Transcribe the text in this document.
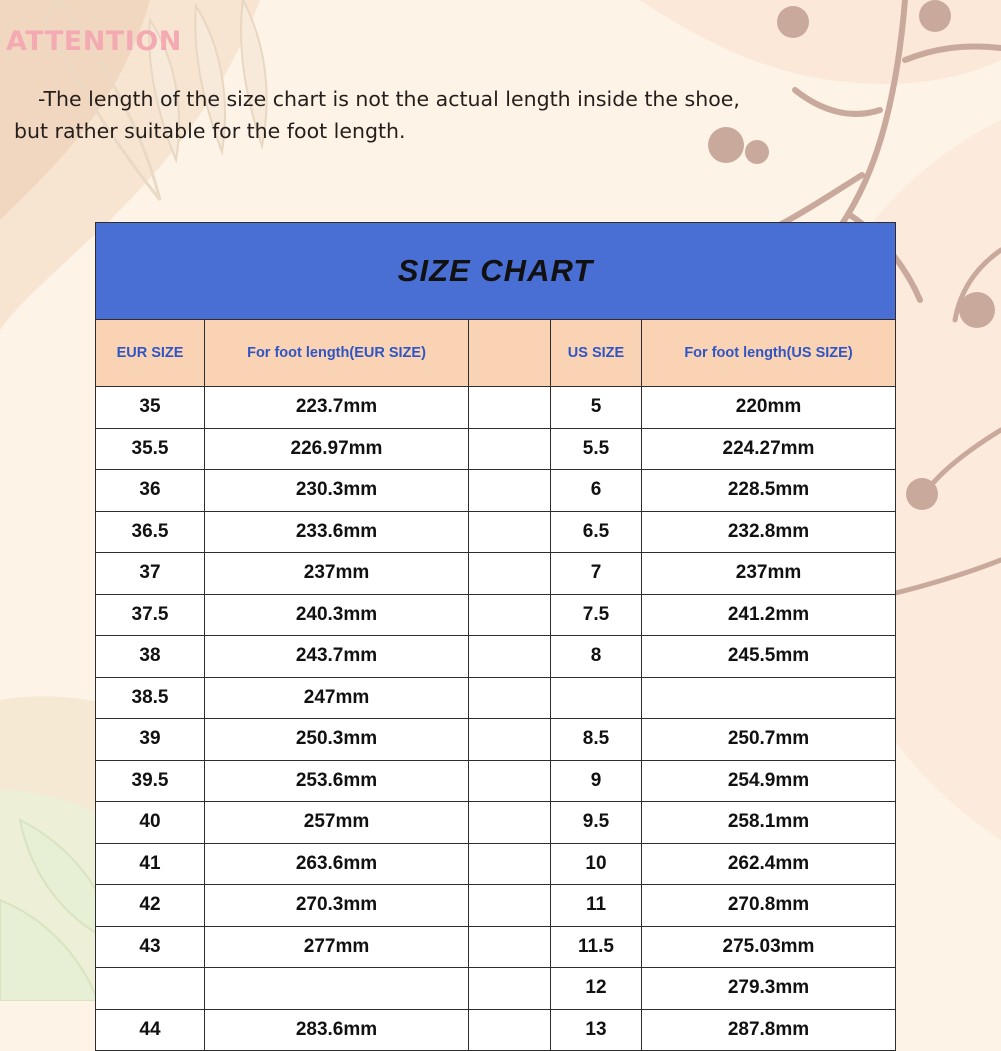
ATTENTION
-The length of the size chart is not the actual length inside the shoe,
but rather suitable for the foot length.
SIZE CHART				
EUR SIZE	For foot length(EUR SIZE)		US SIZE	For foot length(US SIZE)
35	223.7mm		5	220mm
35.5	226.97mm		5.5	224.27mm
36	230.3mm		6	228.5mm
36.5	233.6mm		6.5	232.8mm
37	237mm		7	237mm
37.5	240.3mm		7.5	241.2mm
38	243.7mm		8	245.5mm
38.5	247mm			
39	250.3mm		8.5	250.7mm
39.5	253.6mm		9	254.9mm
40	257mm		9.5	258.1mm
41	263.6mm		10	262.4mm
42	270.3mm		11	270.8mm
43	277mm		11.5	275.03mm
			12	279.3mm
44	283.6mm		13	287.8mm
